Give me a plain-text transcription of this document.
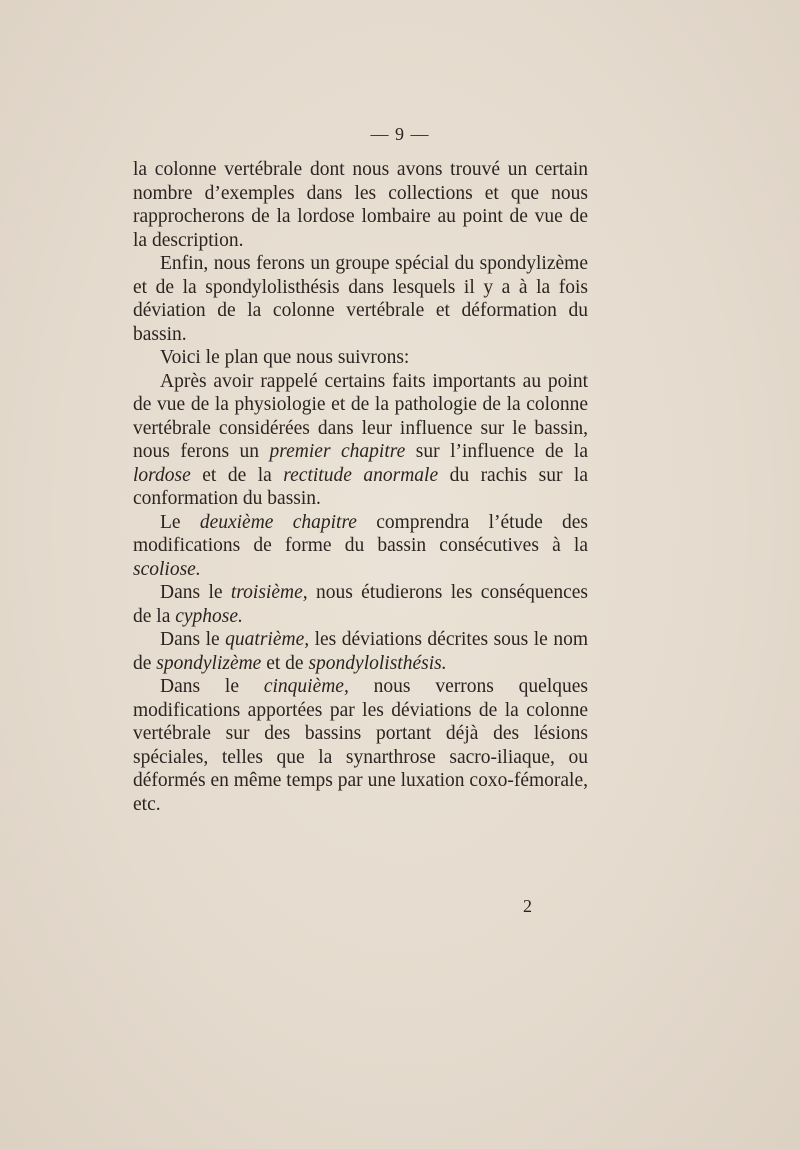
— 9 —

la colonne vertébrale dont nous avons trouvé un certain nombre d’exemples dans les collections et que nous rapprocherons de la lordose lombaire au point de vue de la description.

Enfin, nous ferons un groupe spécial du spondylizème et de la spondylolisthésis dans lesquels il y a à la fois déviation de la colonne vertébrale et déformation du bassin.

Voici le plan que nous suivrons:

Après avoir rappelé certains faits importants au point de vue de la physiologie et de la pathologie de la colonne vertébrale considérées dans leur influence sur le bassin, nous ferons un premier chapitre sur l’influence de la lordose et de la rectitude anormale du rachis sur la conformation du bassin.

Le deuxième chapitre comprendra l’étude des modifications de forme du bassin consécutives à la scoliose.

Dans le troisième, nous étudierons les conséquences de la cyphose.

Dans le quatrième, les déviations décrites sous le nom de spondylizème et de spondylolisthésis.

Dans le cinquième, nous verrons quelques modifications apportées par les déviations de la colonne vertébrale sur des bassins portant déjà des lésions spéciales, telles que la synarthrose sacro-iliaque, ou déformés en même temps par une luxation coxo-fémorale, etc.

2
